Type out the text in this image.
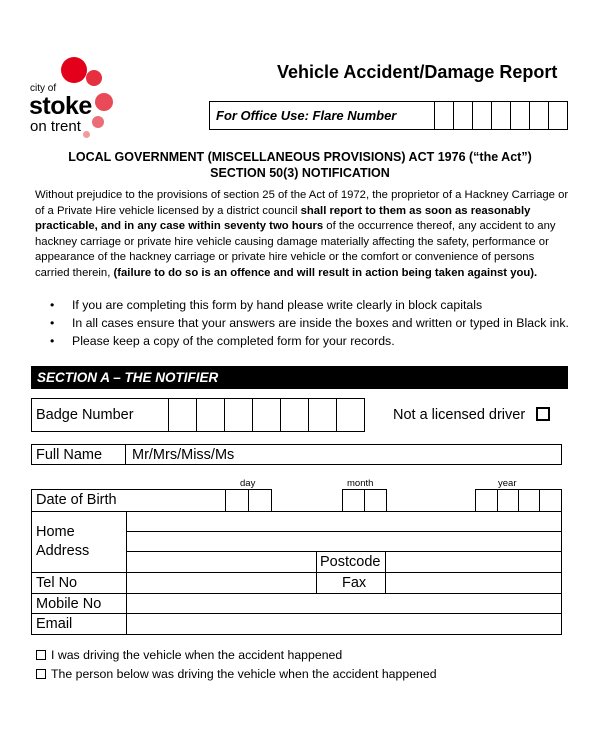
city of
stoke
on trent
Vehicle Accident/Damage Report
For Office Use: Flare Number							
LOCAL GOVERNMENT (MISCELLANEOUS PROVISIONS) ACT 1976 (“the Act”)
SECTION 50(3) NOTIFICATION
Without prejudice to the provisions of section 25 of the Act of 1972, the proprietor of a Hackney Carriage or of a Private Hire vehicle licensed by a district council shall report to them as soon as reasonably practicable, and in any case within seventy two hours of the occurrence thereof, any accident to any hackney carriage or private hire vehicle causing damage materially affecting the safety, performance or appearance of the hackney carriage or private hire vehicle or the comfort or convenience of persons carried therein, (failure to do so is an offence and will result in action being taken against you).
• If you are completing this form by hand please write clearly in block capitals
• In all cases ensure that your answers are inside the boxes and written or typed in Black ink.
• Please keep a copy of the completed form for your records.
SECTION A – THE NOTIFIER
Badge Number	Not a licensed driver
Full Name Mr/Mrs/Miss/Ms
day	month	year
Date of Birth
Home
Address
Postcode
Tel No	Fax
Mobile No
Email
I was driving the vehicle when the accident happened
The person below was driving the vehicle when the accident happened
